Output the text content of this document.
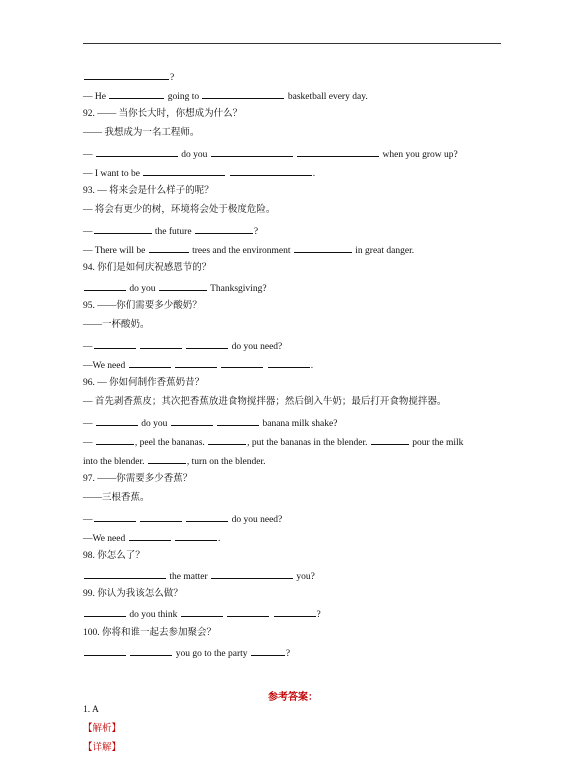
?
— He	going to	basketball every day.
92. —— 当你长大时，你想成为什么？
—— 我想成为一名工程师。
—	do you	when you grow up?
— I want to be	.
93. — 将来会是什么样子的呢？
— 将会有更少的树，环境将会处于极度危险。
—	the future	?
— There will be	trees and the environment	in great danger.
94. 你们是如何庆祝感恩节的？
do you	Thanksgiving?
95. ——你们需要多少酸奶？
——一杯酸奶。
—	do you need?
—We need	.
96. — 你如何制作香蕉奶昔？
— 首先剥香蕉皮；其次把香蕉放进食物搅拌器；然后倒入牛奶；最后打开食物搅拌器。
—	do you	banana milk shake?
—	, peel the bananas.	, put the bananas in the blender.	pour the milk
into the blender.	, turn on the blender.
97. ——你需要多少香蕉？
——三根香蕉。
—	do you need?
—We need	.
98. 你怎么了？
the matter	you?
99. 你认为我该怎么做？
do you think	?
100. 你将和谁一起去参加聚会？
you go to the party	?
参考答案：
1. A
【解析】
【详解】
